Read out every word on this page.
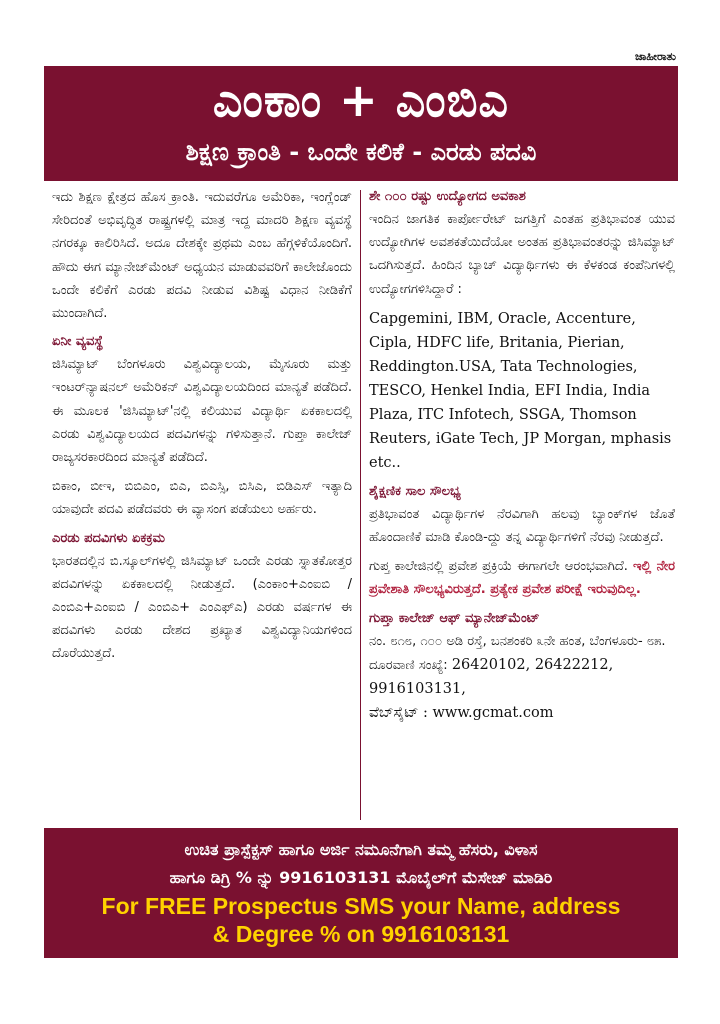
ಜಾಹೀರಾತು
ಎಂಕಾಂ + ಎಂಬಿಎ
ಶಿಕ್ಷಣ ಕ್ರಾಂತಿ - ಒಂದೇ ಕಲಿಕೆ - ಎರಡು ಪದವಿ

ಇದು ಶಿಕ್ಷಣ ಕ್ಷೇತ್ರದ ಹೊಸ ಕ್ರಾಂತಿ. ಇದುವರೆಗೂ ಅಮೆರಿಕಾ, ಇಂಗ್ಲೆಂಡ್ ಸೇರಿದಂತೆ ಅಭಿವೃದ್ಧಿತ ರಾಷ್ಟ್ರಗಳಲ್ಲಿ ಮಾತ್ರ ಇದ್ದ ಮಾದರಿ ಶಿಕ್ಷಣ ವ್ಯವಸ್ಥೆ ನಗರಕ್ಕೂ ಕಾಲಿರಿಸಿದೆ. ಅದೂ ದೇಶಕ್ಕೇ ಪ್ರಥಮ ಎಂಬ ಹೆಗ್ಗಳಿಕೆಯೊಂದಿಗೆ. ಹೌದು ಈಗ ಮ್ಯಾನೇಜ್‌ಮೆಂಟ್ ಅಧ್ಯಯನ ಮಾಡುವವರಿಗೆ ಕಾಲೇಜೊಂದು ಒಂದೇ ಕಲಿಕೆಗೆ ಎರಡು ಪದವಿ ನೀಡುವ ವಿಶಿಷ್ಟ ವಿಧಾನ ನೀಡಿಕೆಗೆ ಮುಂದಾಗಿದೆ.

ಏನೀ ವ್ಯವಸ್ಥೆ

ಜಿಸಿಮ್ಯಾಟ್ ಬೆಂಗಳೂರು ವಿಶ್ವವಿದ್ಯಾಲಯ, ಮೈಸೂರು ಮತ್ತು ಇಂಟರ್‌ನ್ಯಾಷನಲ್ ಅಮೆರಿಕನ್ ವಿಶ್ವವಿದ್ಯಾಲಯದಿಂದ ಮಾನ್ಯತೆ ಪಡೆದಿದೆ. ಈ ಮೂಲಕ 'ಜಿಸಿಮ್ಯಾಟ್'ನಲ್ಲಿ ಕಲಿಯುವ ವಿದ್ಯಾರ್ಥಿ ಏಕಕಾಲದಲ್ಲಿ ಎರಡು ವಿಶ್ವವಿದ್ಯಾಲಯದ ಪದವಿಗಳನ್ನು ಗಳಿಸುತ್ತಾನೆ. ಗುಪ್ತಾ ಕಾಲೇಜ್ ರಾಜ್ಯಸರಕಾರದಿಂದ ಮಾನ್ಯತೆ ಪಡೆದಿದೆ.

ಬಿಕಾಂ, ಬೀಇ, ಬಿಬಿಎಂ, ಬಿಎ, ಬಿಎಸ್ಸಿ, ಬಿಸಿಎ, ಬಿಡಿಎಸ್ ಇತ್ಯಾದಿ ಯಾವುದೇ ಪದವಿ ಪಡೆದವರು ಈ ವ್ಯಾಸಂಗ ಪಡೆಯಲು ಅರ್ಹರು.

ಎರಡು ಪದವಿಗಳು ಏಕಕ್ರಮ

ಭಾರತದಲ್ಲಿನ ಬಿ.ಸ್ಕೂಲ್‌ಗಳಲ್ಲಿ ಜಿಸಿಮ್ಯಾಟ್ ಒಂದೇ ಎರಡು ಸ್ನಾತಕೋತ್ತರ ಪದವಿಗಳನ್ನು ಏಕಕಾಲದಲ್ಲಿ ನೀಡುತ್ತದೆ. (ಎಂಕಾಂ+ಎಂಐಬಿ / ಎಂಬಿಎ+ಎಂಐಬಿ / ಎಂಬಿಎ+ ಎಂಎಫ್ಎ) ಎರಡು ವರ್ಷಗಳ ಈ ಪದವಿಗಳು ಎರಡು ದೇಶದ ಪ್ರಖ್ಯಾತ ವಿಶ್ವವಿದ್ಯಾನಿಯಗಳಿಂದ ದೊರೆಯುತ್ತದೆ.

ಶೇ ೧೦೦ ರಷ್ಟು ಉದ್ಯೋಗದ ಅವಕಾಶ

ಇಂದಿನ ಜಾಗತಿಕ ಕಾರ್ಪೋರೇಟ್ ಜಗತ್ತಿಗೆ ಎಂತಹ ಪ್ರತಿಭಾವಂತ ಯುವ ಉದ್ಯೋಗಿಗಳ ಅವಶಕತೆಯಿದೆಯೋ ಅಂತಹ ಪ್ರತಿಭಾವಂತರನ್ನು ಜಿಸಿಮ್ಯಾಟ್ ಒದಗಿಸುತ್ತದೆ. ಹಿಂದಿನ ಬ್ಯಾಚ್ ವಿದ್ಯಾರ್ಥಿಗಳು ಈ ಕೆಳಕಂಡ ಕಂಪೆನಿಗಳಲ್ಲಿ ಉದ್ಯೋಗಗಳಿಸಿದ್ದಾರೆ :

Capgemini, IBM, Oracle, Accenture, Cipla, HDFC life, Britania, Pierian, Reddington.USA, Tata Technologies, TESCO, Henkel India, EFI India, India Plaza, ITC Infotech, SSGA, Thomson Reuters, iGate Tech, JP Morgan, mphasis etc..

ಶೈಕ್ಷಣಿಕ ಸಾಲ ಸೌಲಭ್ಯ

ಪ್ರತಿಭಾವಂತ ವಿದ್ಯಾರ್ಥಿಗಳ ನೆರವಿಗಾಗಿ ಹಲವು ಬ್ಯಾಂಕ್‌ಗಳ ಜೊತೆ ಹೊಂದಾಣಿಕೆ ಮಾಡಿ ಕೊಂಡಿ-ದ್ದು ತನ್ನ ವಿದ್ಯಾರ್ಥಿಗಳಿಗೆ ನೆರವು ನೀಡುತ್ತದೆ.

ಗುಪ್ತ ಕಾಲೇಜಿನಲ್ಲಿ ಪ್ರವೇಶ ಪ್ರಕ್ರಿಯೆ ಈಗಾಗಲೇ ಆರಂಭವಾಗಿದೆ. ಇಲ್ಲಿ ನೇರ ಪ್ರವೇಶಾತಿ ಸೌಲಭ್ಯವಿರುತ್ತದೆ. ಪ್ರತ್ಯೇಕ ಪ್ರವೇಶ ಪರೀಕ್ಷೆ ಇರುವುದಿಲ್ಲ.

ಗುಪ್ತಾ ಕಾಲೇಜ್ ಆಫ್ ಮ್ಯಾನೇಜ್‌ಮೆಂಟ್

ನಂ. ೮೧೮, ೧೦೦ ಅಡಿ ರಸ್ತೆ, ಬನಶಂಕರಿ ೩ನೇ ಹಂತ, ಬೆಂಗಳೂರು- ೮೫. ದೂರವಾಣಿ ಸಂಖ್ಯೆ: 26420102, 26422212, 9916103131,
ವೆಬ್‌ಸೈಟ್ : www.gcmat.com

ಉಚಿತ ಪ್ರಾಸ್ಪೆಕ್ಟಸ್ ಹಾಗೂ ಅರ್ಜಿ ನಮೂನೆಗಾಗಿ ತಮ್ಮ ಹೆಸರು, ವಿಳಾಸ
ಹಾಗೂ ಡಿಗ್ರಿ % ನ್ನು 9916103131 ಮೊಬೈಲ್‌ಗೆ ಮೆಸೇಜ್ ಮಾಡಿರಿ
For FREE Prospectus SMS your Name, address
& Degree % on 9916103131
